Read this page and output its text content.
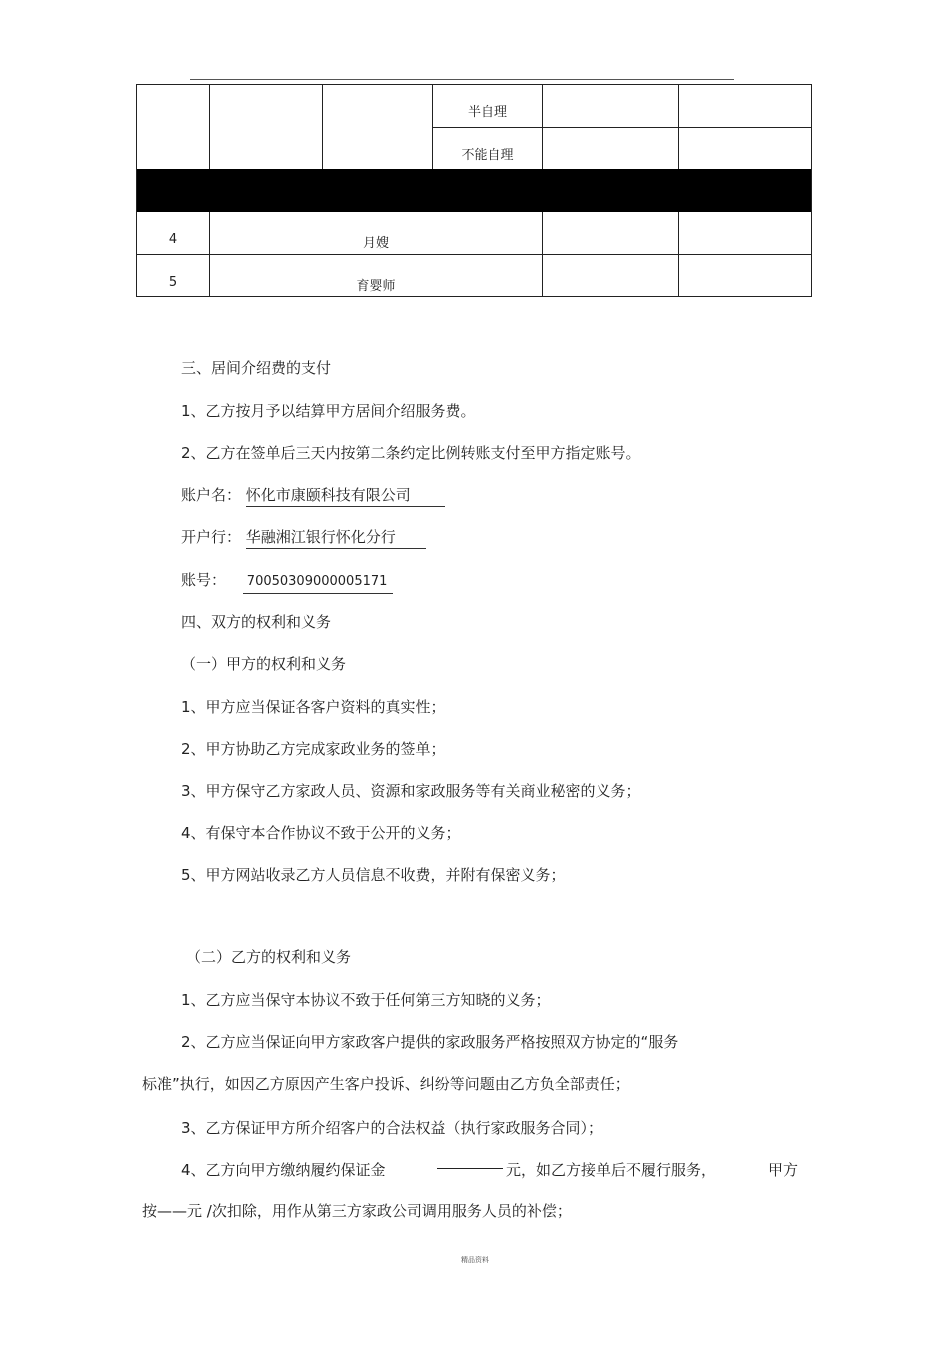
半自理
不能自理
4	月嫂
5	育婴师
三、居间介绍费的支付
1、乙方按月予以结算甲方居间介绍服务费。
2、乙方在签单后三天内按第二条约定比例转账支付至甲方指定账号。
账户名： 怀化市康颐科技有限公司
开户行： 华融湘江银行怀化分行
账号： 70050309000005171
四、双方的权利和义务
（一）甲方的权利和义务
1、甲方应当保证各客户资料的真实性；
2、甲方协助乙方完成家政业务的签单；
3、甲方保守乙方家政人员、资源和家政服务等有关商业秘密的义务；
4、有保守本合作协议不致于公开的义务；
5、甲方网站收录乙方人员信息不收费，并附有保密义务；
（二）乙方的权利和义务
1、乙方应当保守本协议不致于任何第三方知晓的义务；
2、乙方应当保证向甲方家政客户提供的家政服务严格按照双方协定的“服务
标准”执行，如因乙方原因产生客户投诉、纠纷等问题由乙方负全部责任；
3、乙方保证甲方所介绍客户的合法权益（执行家政服务合同）；
4、乙方向甲方缴纳履约保证金	元，如乙方接单后不履行服务，	甲方
按——元 /次扣除，用作从第三方家政公司调用服务人员的补偿；
精品资料
